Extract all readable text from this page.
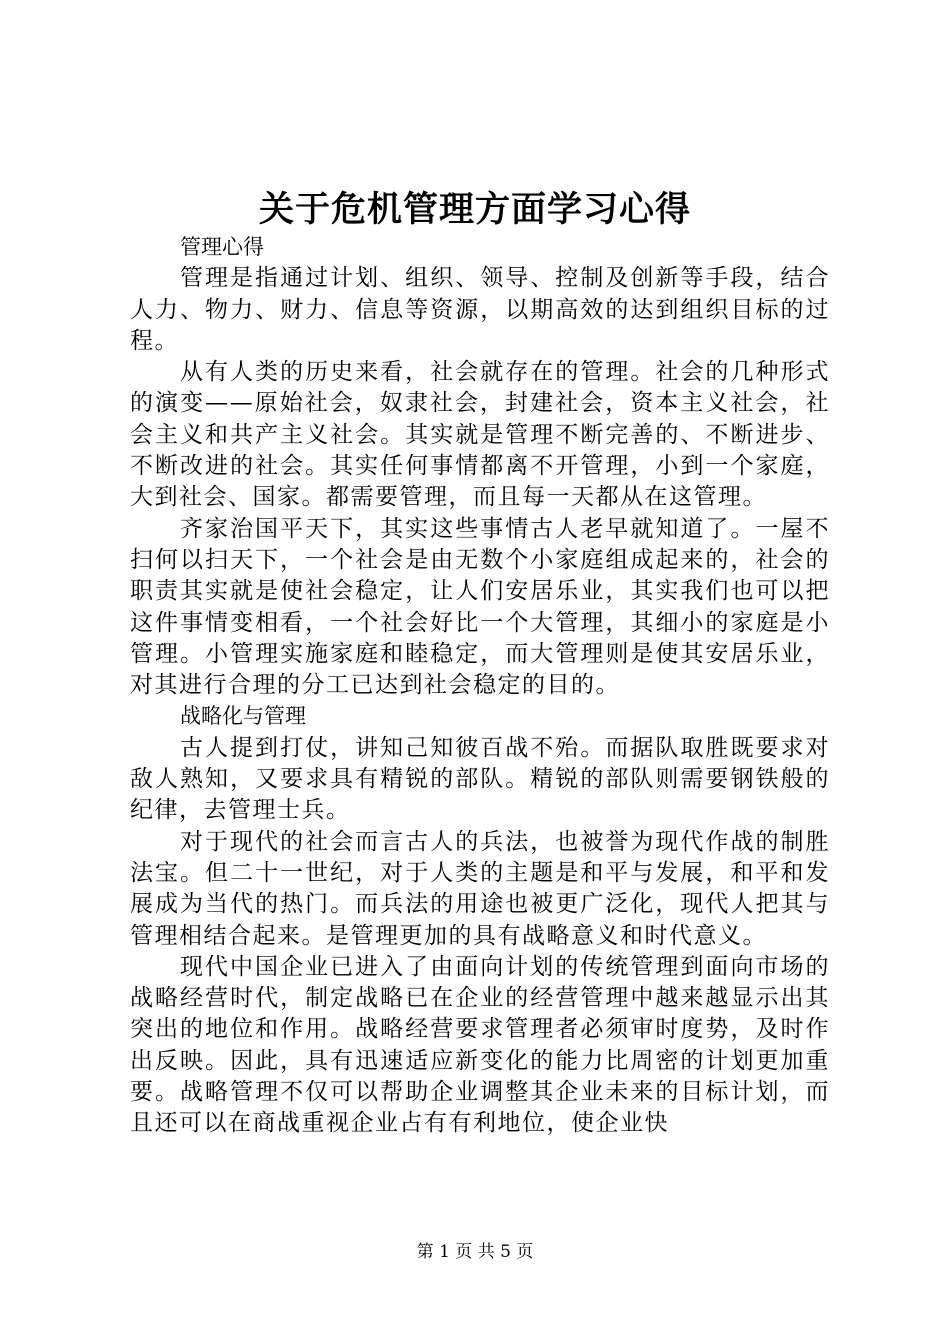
关于危机管理方面学习心得

管理心得

管理是指通过计划、组织、领导、控制及创新等手段，结合人力、物力、财力、信息等资源，以期高效的达到组织目标的过程。

从有人类的历史来看，社会就存在的管理。社会的几种形式的演变——原始社会，奴隶社会，封建社会，资本主义社会，社会主义和共产主义社会。其实就是管理不断完善的、不断进步、不断改进的社会。其实任何事情都离不开管理，小到一个家庭，大到社会、国家。都需要管理，而且每一天都从在这管理。

齐家治国平天下，其实这些事情古人老早就知道了。一屋不扫何以扫天下，一个社会是由无数个小家庭组成起来的，社会的职责其实就是使社会稳定，让人们安居乐业，其实我们也可以把这件事情变相看，一个社会好比一个大管理，其细小的家庭是小管理。小管理实施家庭和睦稳定，而大管理则是使其安居乐业，对其进行合理的分工已达到社会稳定的目的。

战略化与管理

古人提到打仗，讲知己知彼百战不殆。而据队取胜既要求对敌人熟知，又要求具有精锐的部队。精锐的部队则需要钢铁般的纪律，去管理士兵。

对于现代的社会而言古人的兵法，也被誉为现代作战的制胜法宝。但二十一世纪，对于人类的主题是和平与发展，和平和发展成为当代的热门。而兵法的用途也被更广泛化，现代人把其与管理相结合起来。是管理更加的具有战略意义和时代意义。

现代中国企业已进入了由面向计划的传统管理到面向市场的战略经营时代，制定战略已在企业的经营管理中越来越显示出其突出的地位和作用。战略经营要求管理者必须审时度势，及时作出反映。因此，具有迅速适应新变化的能力比周密的计划更加重要。战略管理不仅可以帮助企业调整其企业未来的目标计划，而且还可以在商战重视企业占有有利地位，使企业快

第 1 页 共 5 页
